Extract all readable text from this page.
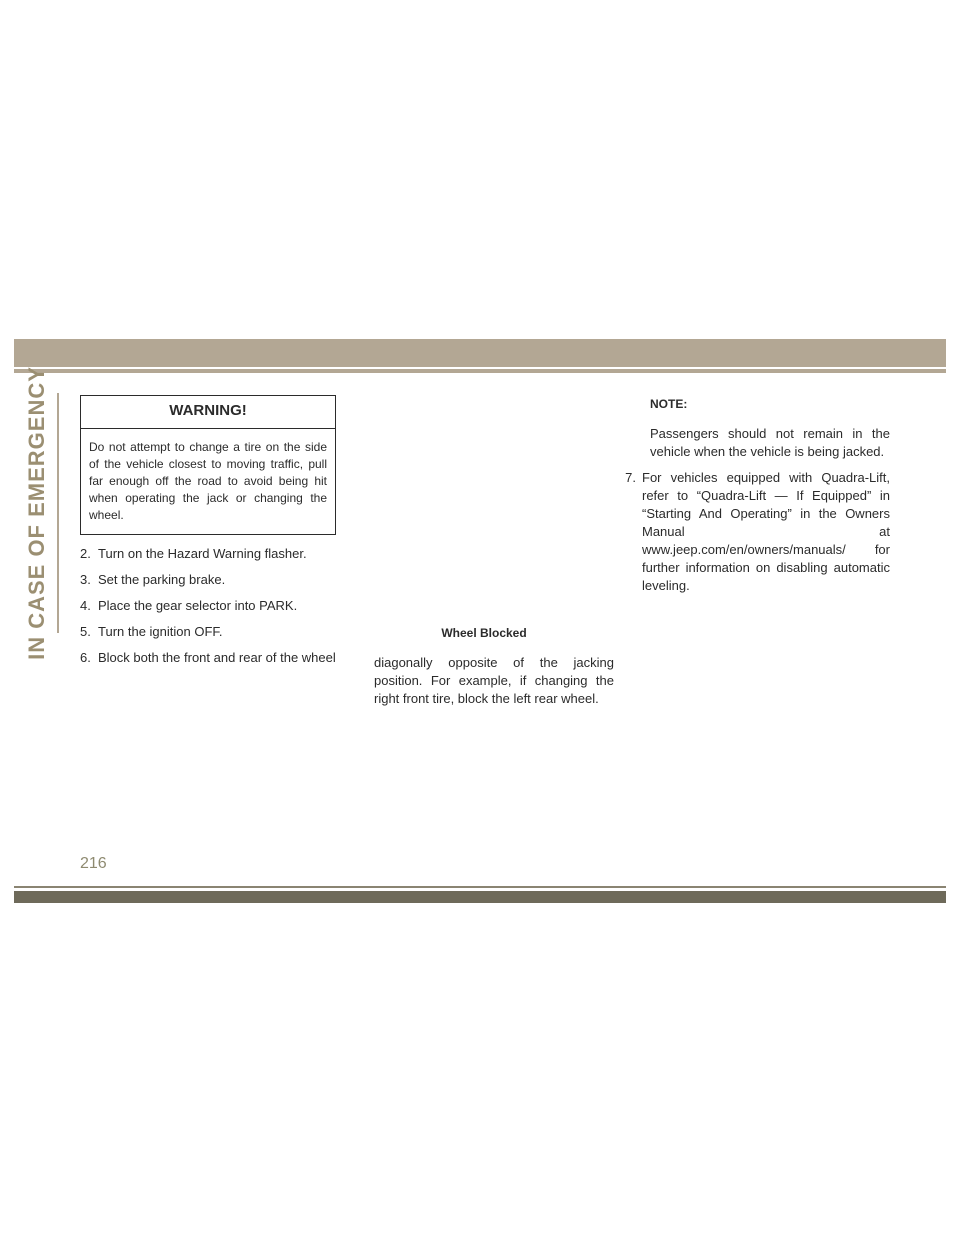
IN CASE OF EMERGENCY	WARNING!
Do not attempt to change a tire on the side of the vehicle closest to moving traffic, pull far enough off the road to avoid being hit when operating the jack or changing the wheel.
2. Turn on the Hazard Warning flasher.
3. Set the parking brake.
4. Place the gear selector into PARK.
5. Turn the ignition OFF.
6. Block both the front and rear of the wheel
Wheel Blocked
diagonally opposite of the jacking position. For example, if changing the right front tire, block the left rear wheel.
NOTE:
Passengers should not remain in the vehicle when the vehicle is being jacked.
7. For vehicles equipped with Quadra-Lift, refer to “Quadra-Lift — If Equipped” in “Starting And Operating” in the Owners Manual at www.jeep.com/en/owners/manuals/ for further information on disabling automatic leveling.
216
